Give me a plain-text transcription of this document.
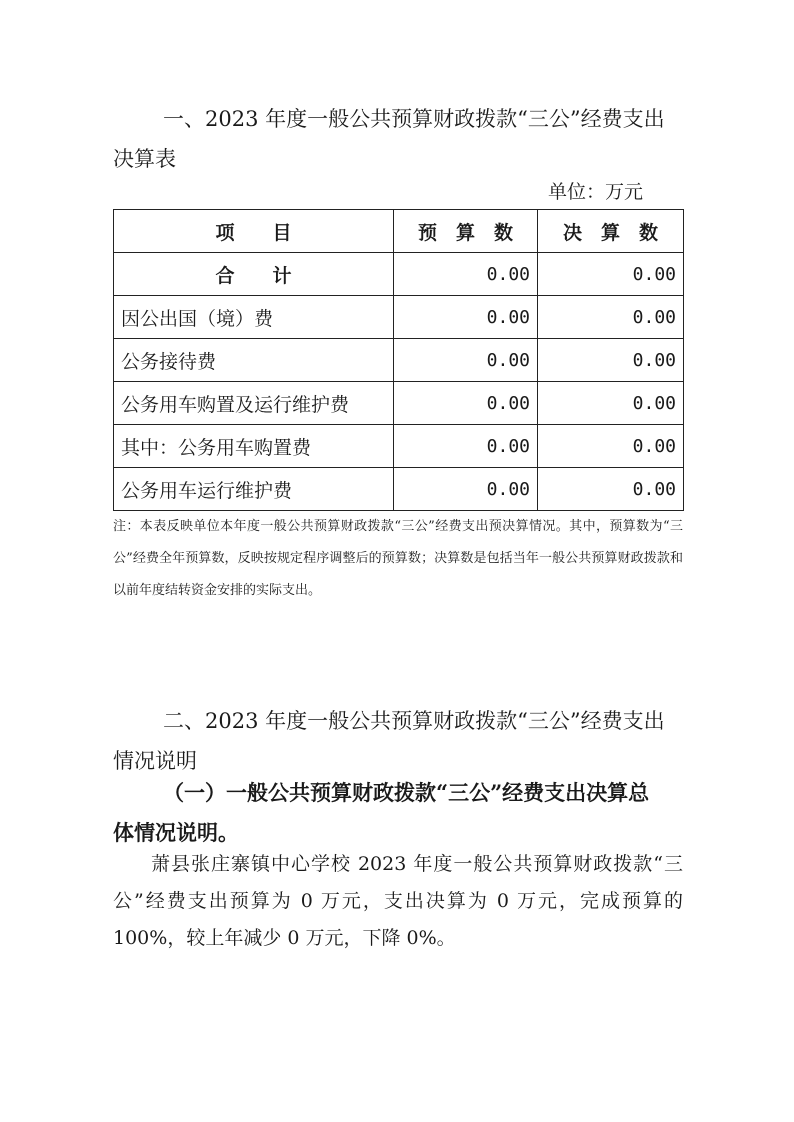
一、2023 年度一般公共预算财政拨款“三公”经费支出
决算表
单位：万元
项　　目	预　算　数	决　算　数
合　　计	0.00	0.00
因公出国（境）费	0.00	0.00
公务接待费	0.00	0.00
公务用车购置及运行维护费	0.00	0.00
其中：公务用车购置费	0.00	0.00
公务用车运行维护费	0.00	0.00

注：本表反映单位本年度一般公共预算财政拨款“三公”经费支出预决算情况。其中，预算数为“三公”经费全年预算数，反映按规定程序调整后的预算数；决算数是包括当年一般公共预算财政拨款和以前年度结转资金安排的实际支出。

二、2023 年度一般公共预算财政拨款“三公”经费支出
情况说明
（一）一般公共预算财政拨款“三公”经费支出决算总
体情况说明。

萧县张庄寨镇中心学校 2023 年度一般公共预算财政拨款“三公”经费支出预算为 0 万元，支出决算为 0 万元，完成预算的 100%，较上年减少 0 万元，下降 0%。
